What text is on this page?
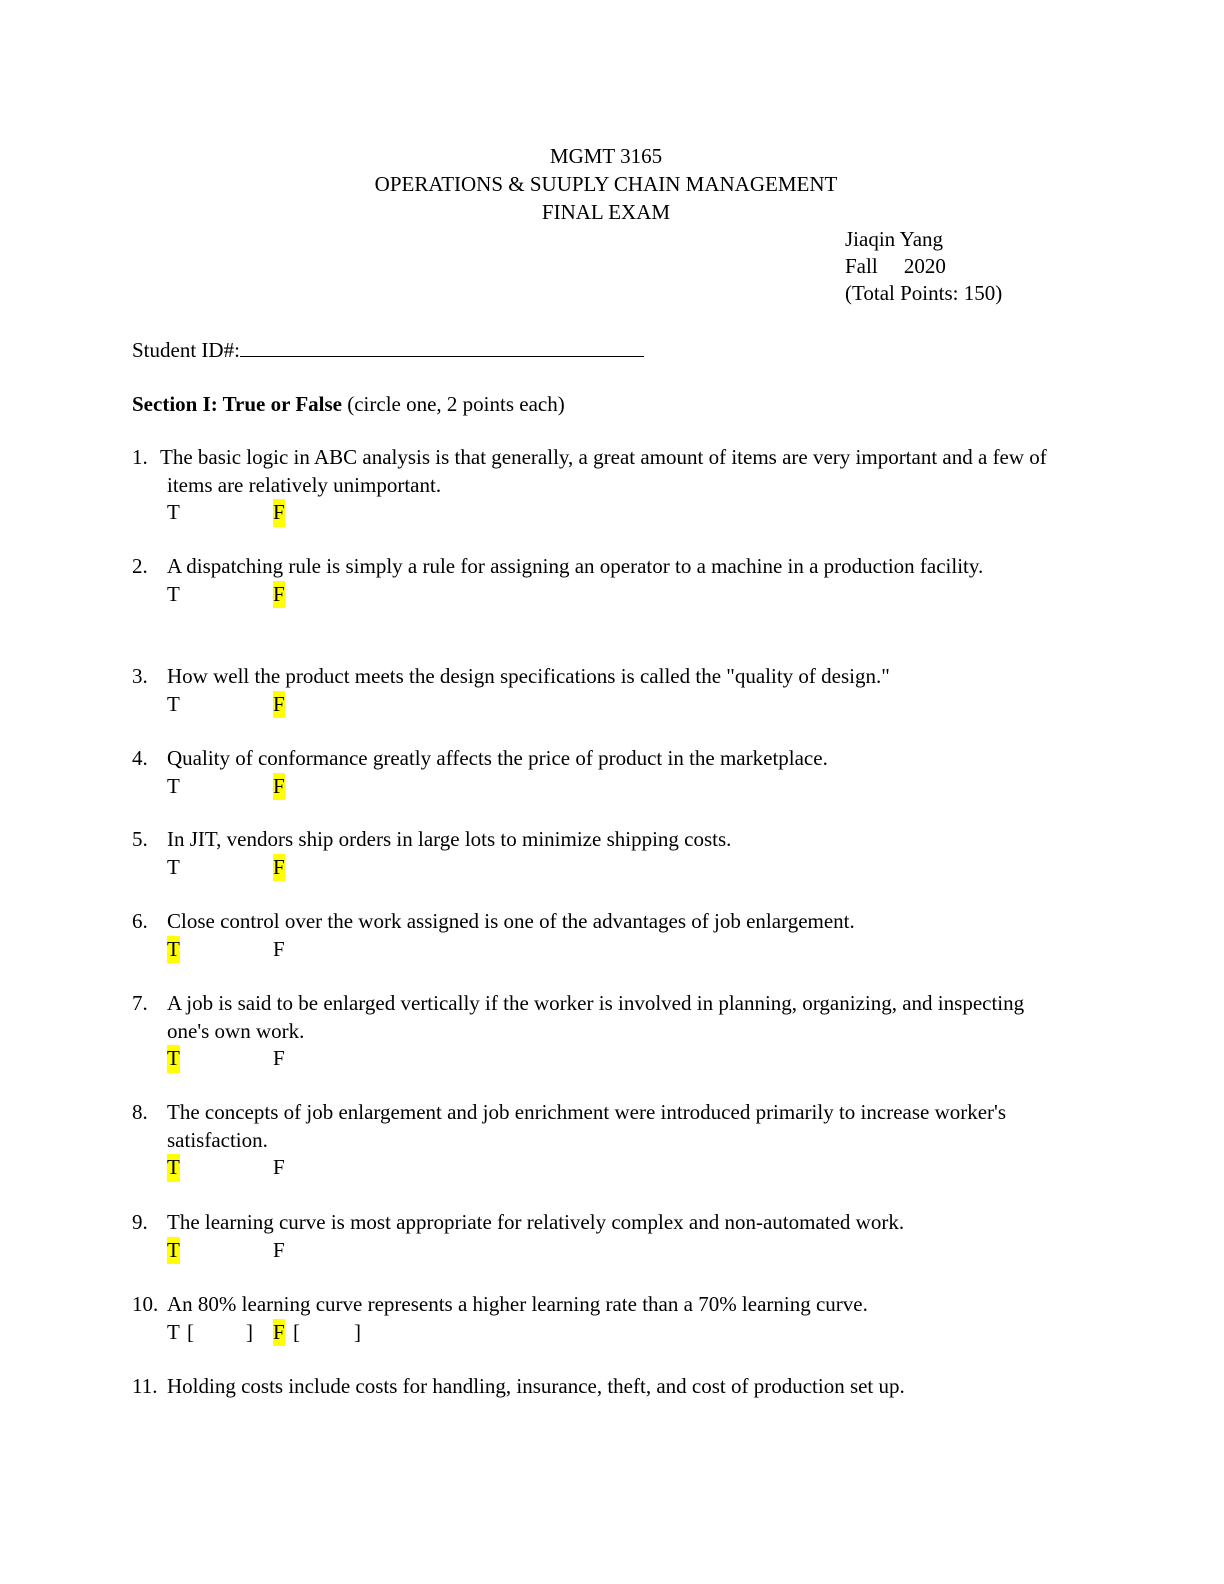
MGMT 3165
OPERATIONS & SUUPLY CHAIN MANAGEMENT
FINAL EXAM
Jiaqin Yang
Fall     2020
(Total Points: 150)
Student ID#:
Section I: True or False (circle one, 2 points each)
1. The basic logic in ABC analysis is that generally, a great amount of items are very important and a few of items are relatively unimportant.
T	F
2. A dispatching rule is simply a rule for assigning an operator to a machine in a production facility.
T	F
3. How well the product meets the design specifications is called the "quality of design."
T	F
4. Quality of conformance greatly affects the price of product in the marketplace.
T	F
5. In JIT, vendors ship orders in large lots to minimize shipping costs.
T	F
6. Close control over the work assigned is one of the advantages of job enlargement.
T	F
7. A job is said to be enlarged vertically if the worker is involved in planning, organizing, and inspecting one's own work.
T	F
8. The concepts of job enlargement and job enrichment were introduced primarily to increase worker's satisfaction.
T	F
9. The learning curve is most appropriate for relatively complex and non-automated work.
T	F
10. An 80% learning curve represents a higher learning rate than a 70% learning curve.
T [ ] F [	]
11. Holding costs include costs for handling, insurance, theft, and cost of production set up.
